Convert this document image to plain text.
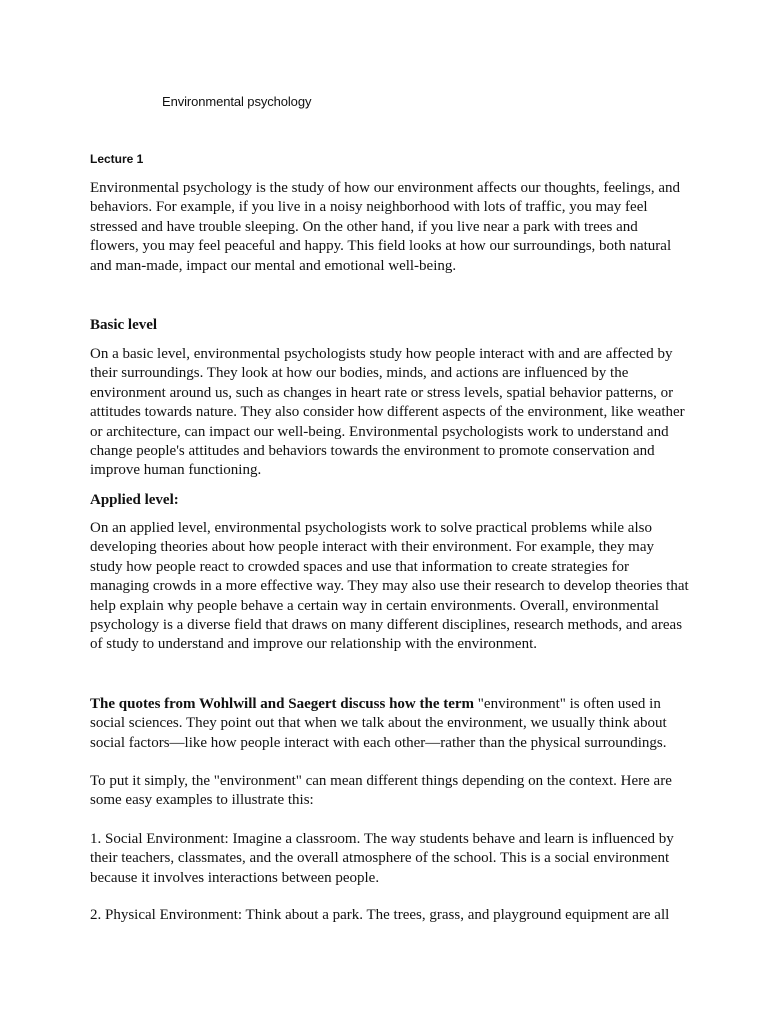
Environmental psychology
Lecture 1

Environmental psychology is the study of how our environment affects our thoughts, feelings, and behaviors. For example, if you live in a noisy neighborhood with lots of traffic, you may feel stressed and have trouble sleeping. On the other hand, if you live near a park with trees and flowers, you may feel peaceful and happy. This field looks at how our surroundings, both natural and man-made, impact our mental and emotional well-being.

Basic level

On a basic level, environmental psychologists study how people interact with and are affected by their surroundings. They look at how our bodies, minds, and actions are influenced by the environment around us, such as changes in heart rate or stress levels, spatial behavior patterns, or attitudes towards nature. They also consider how different aspects of the environment, like weather or architecture, can impact our well-being. Environmental psychologists work to understand and change people's attitudes and behaviors towards the environment to promote conservation and improve human functioning.

Applied level:

On an applied level, environmental psychologists work to solve practical problems while also developing theories about how people interact with their environment. For example, they may study how people react to crowded spaces and use that information to create strategies for managing crowds in a more effective way. They may also use their research to develop theories that help explain why people behave a certain way in certain environments. Overall, environmental psychology is a diverse field that draws on many different disciplines, research methods, and areas of study to understand and improve our relationship with the environment.

The quotes from Wohlwill and Saegert discuss how the term "environment" is often used in social sciences. They point out that when we talk about the environment, we usually think about social factors—like how people interact with each other—rather than the physical surroundings.

To put it simply, the "environment" can mean different things depending on the context. Here are some easy examples to illustrate this:

1. Social Environment: Imagine a classroom. The way students behave and learn is influenced by their teachers, classmates, and the overall atmosphere of the school. This is a social environment because it involves interactions between people.

2. Physical Environment: Think about a park. The trees, grass, and playground equipment are all
